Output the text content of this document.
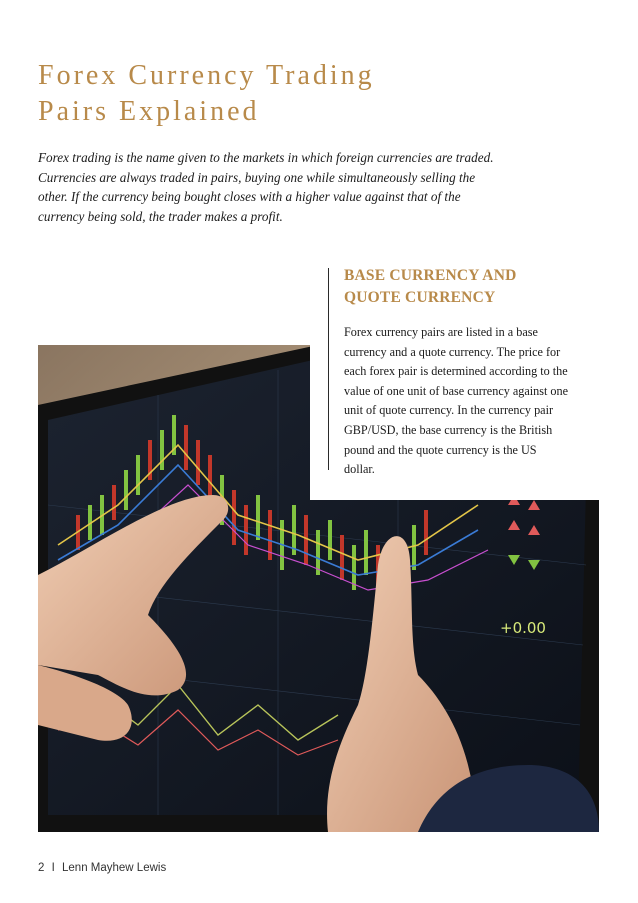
Forex Currency Trading
Pairs Explained

Forex trading is the name given to the markets in which foreign currencies are traded. Currencies are always traded in pairs, buying one while simultaneously selling the other. If the currency being bought closes with a higher value against that of the currency being sold, the trader makes a profit.

+0.00
BASE CURRENCY AND
QUOTE CURRENCY

Forex currency pairs are listed in a base currency and a quote currency. The price for each forex pair is determined according to the value of one unit of base currency against one unit of quote currency. In the currency pair GBP/USD, the base currency is the British pound and the quote currency is the US dollar.

2 I Lenn Mayhew Lewis
